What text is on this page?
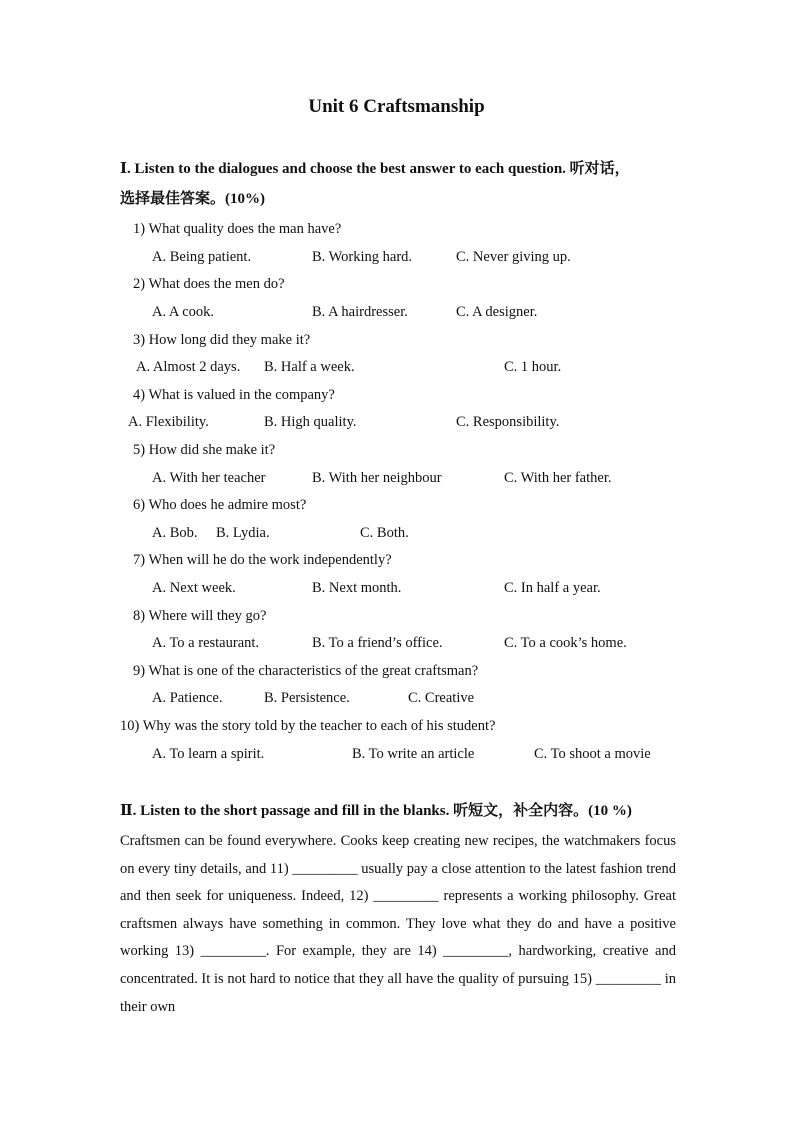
Unit 6 Craftsmanship
Ⅰ. Listen to the dialogues and choose the best answer to each question. 听对话，
选择最佳答案。(10%)
1) What quality does the man have?
A. Being patient.	B. Working hard.	C. Never giving up.
2) What does the men do?
A. A cook.	B. A hairdresser.	C. A designer.
3) How long did they make it?
A. Almost 2 days. B. Half a week.	C. 1 hour.
4) What is valued in the company?
A. Flexibility.	B. High quality.	C. Responsibility.
5) How did she make it?
A. With her teacher	B. With her neighbour	C. With her father.
6) Who does he admire most?
A. Bob. B. Lydia.	C. Both.
7) When will he do the work independently?
A. Next week.	B. Next month.	C. In half a year.
8) Where will they go?
A. To a restaurant.	B. To a friend’s office.	C. To a cook’s home.
9) What is one of the characteristics of the great craftsman?
A. Patience.	B. Persistence.	C. Creative
10) Why was the story told by the teacher to each of his student?
A. To learn a spirit.	B. To write an article	C. To shoot a movie
Ⅱ. Listen to the short passage and fill in the blanks. 听短文，补全内容。(10 %)
Craftsmen can be found everywhere. Cooks keep creating new recipes, the watchmakers focus on every tiny details, and 11) _________ usually pay a close attention to the latest fashion trend and then seek for uniqueness. Indeed, 12) _________ represents a working philosophy. Great craftsmen always have something in common. They love what they do and have a positive working 13) _________. For example, they are 14) _________, hardworking, creative and concentrated. It is not hard to notice that they all have the quality of pursuing 15) _________ in their own
